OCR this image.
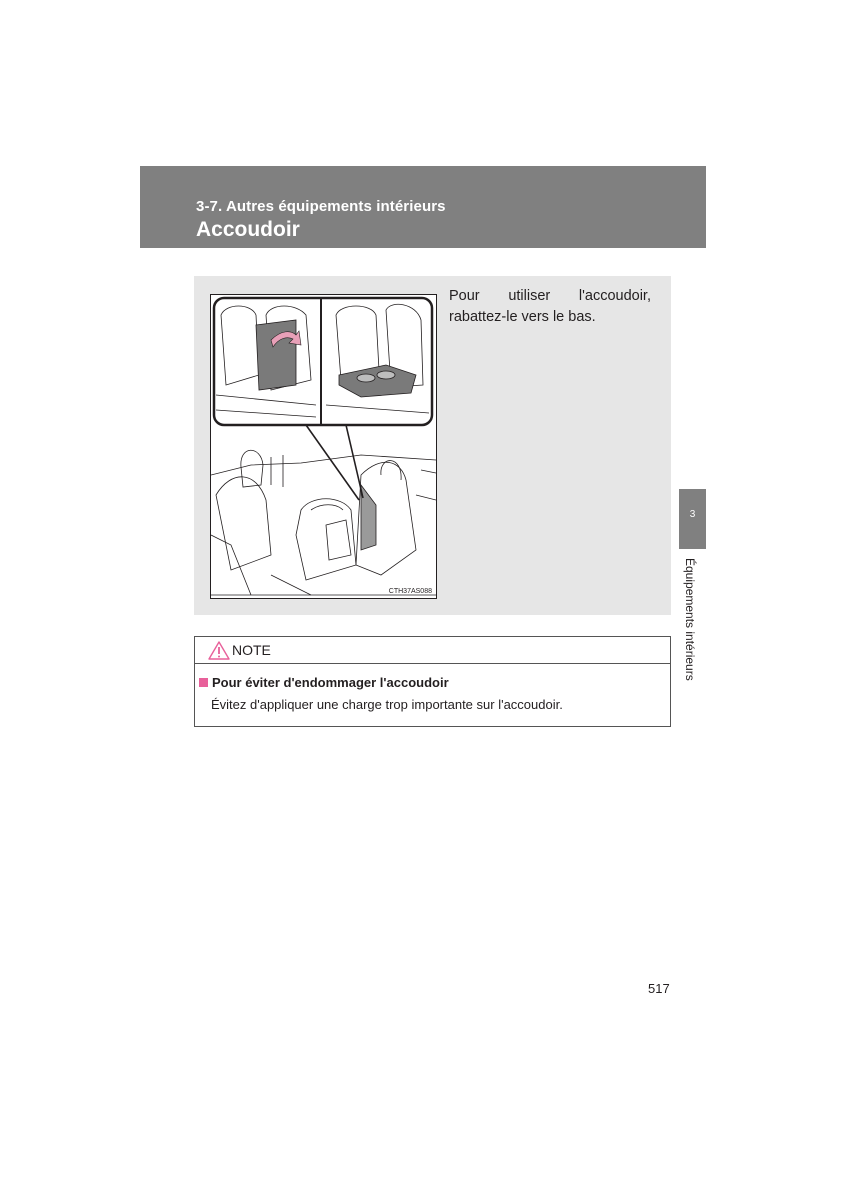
3-7. Autres équipements intérieurs
Accoudoir
CTH37AS088
Pour utiliser l'accoudoir, rabattez-le vers le bas.
NOTE
Pour éviter d'endommager l'accoudoir
Évitez d'appliquer une charge trop importante sur l'accoudoir.
3
Équipements intérieurs
517
